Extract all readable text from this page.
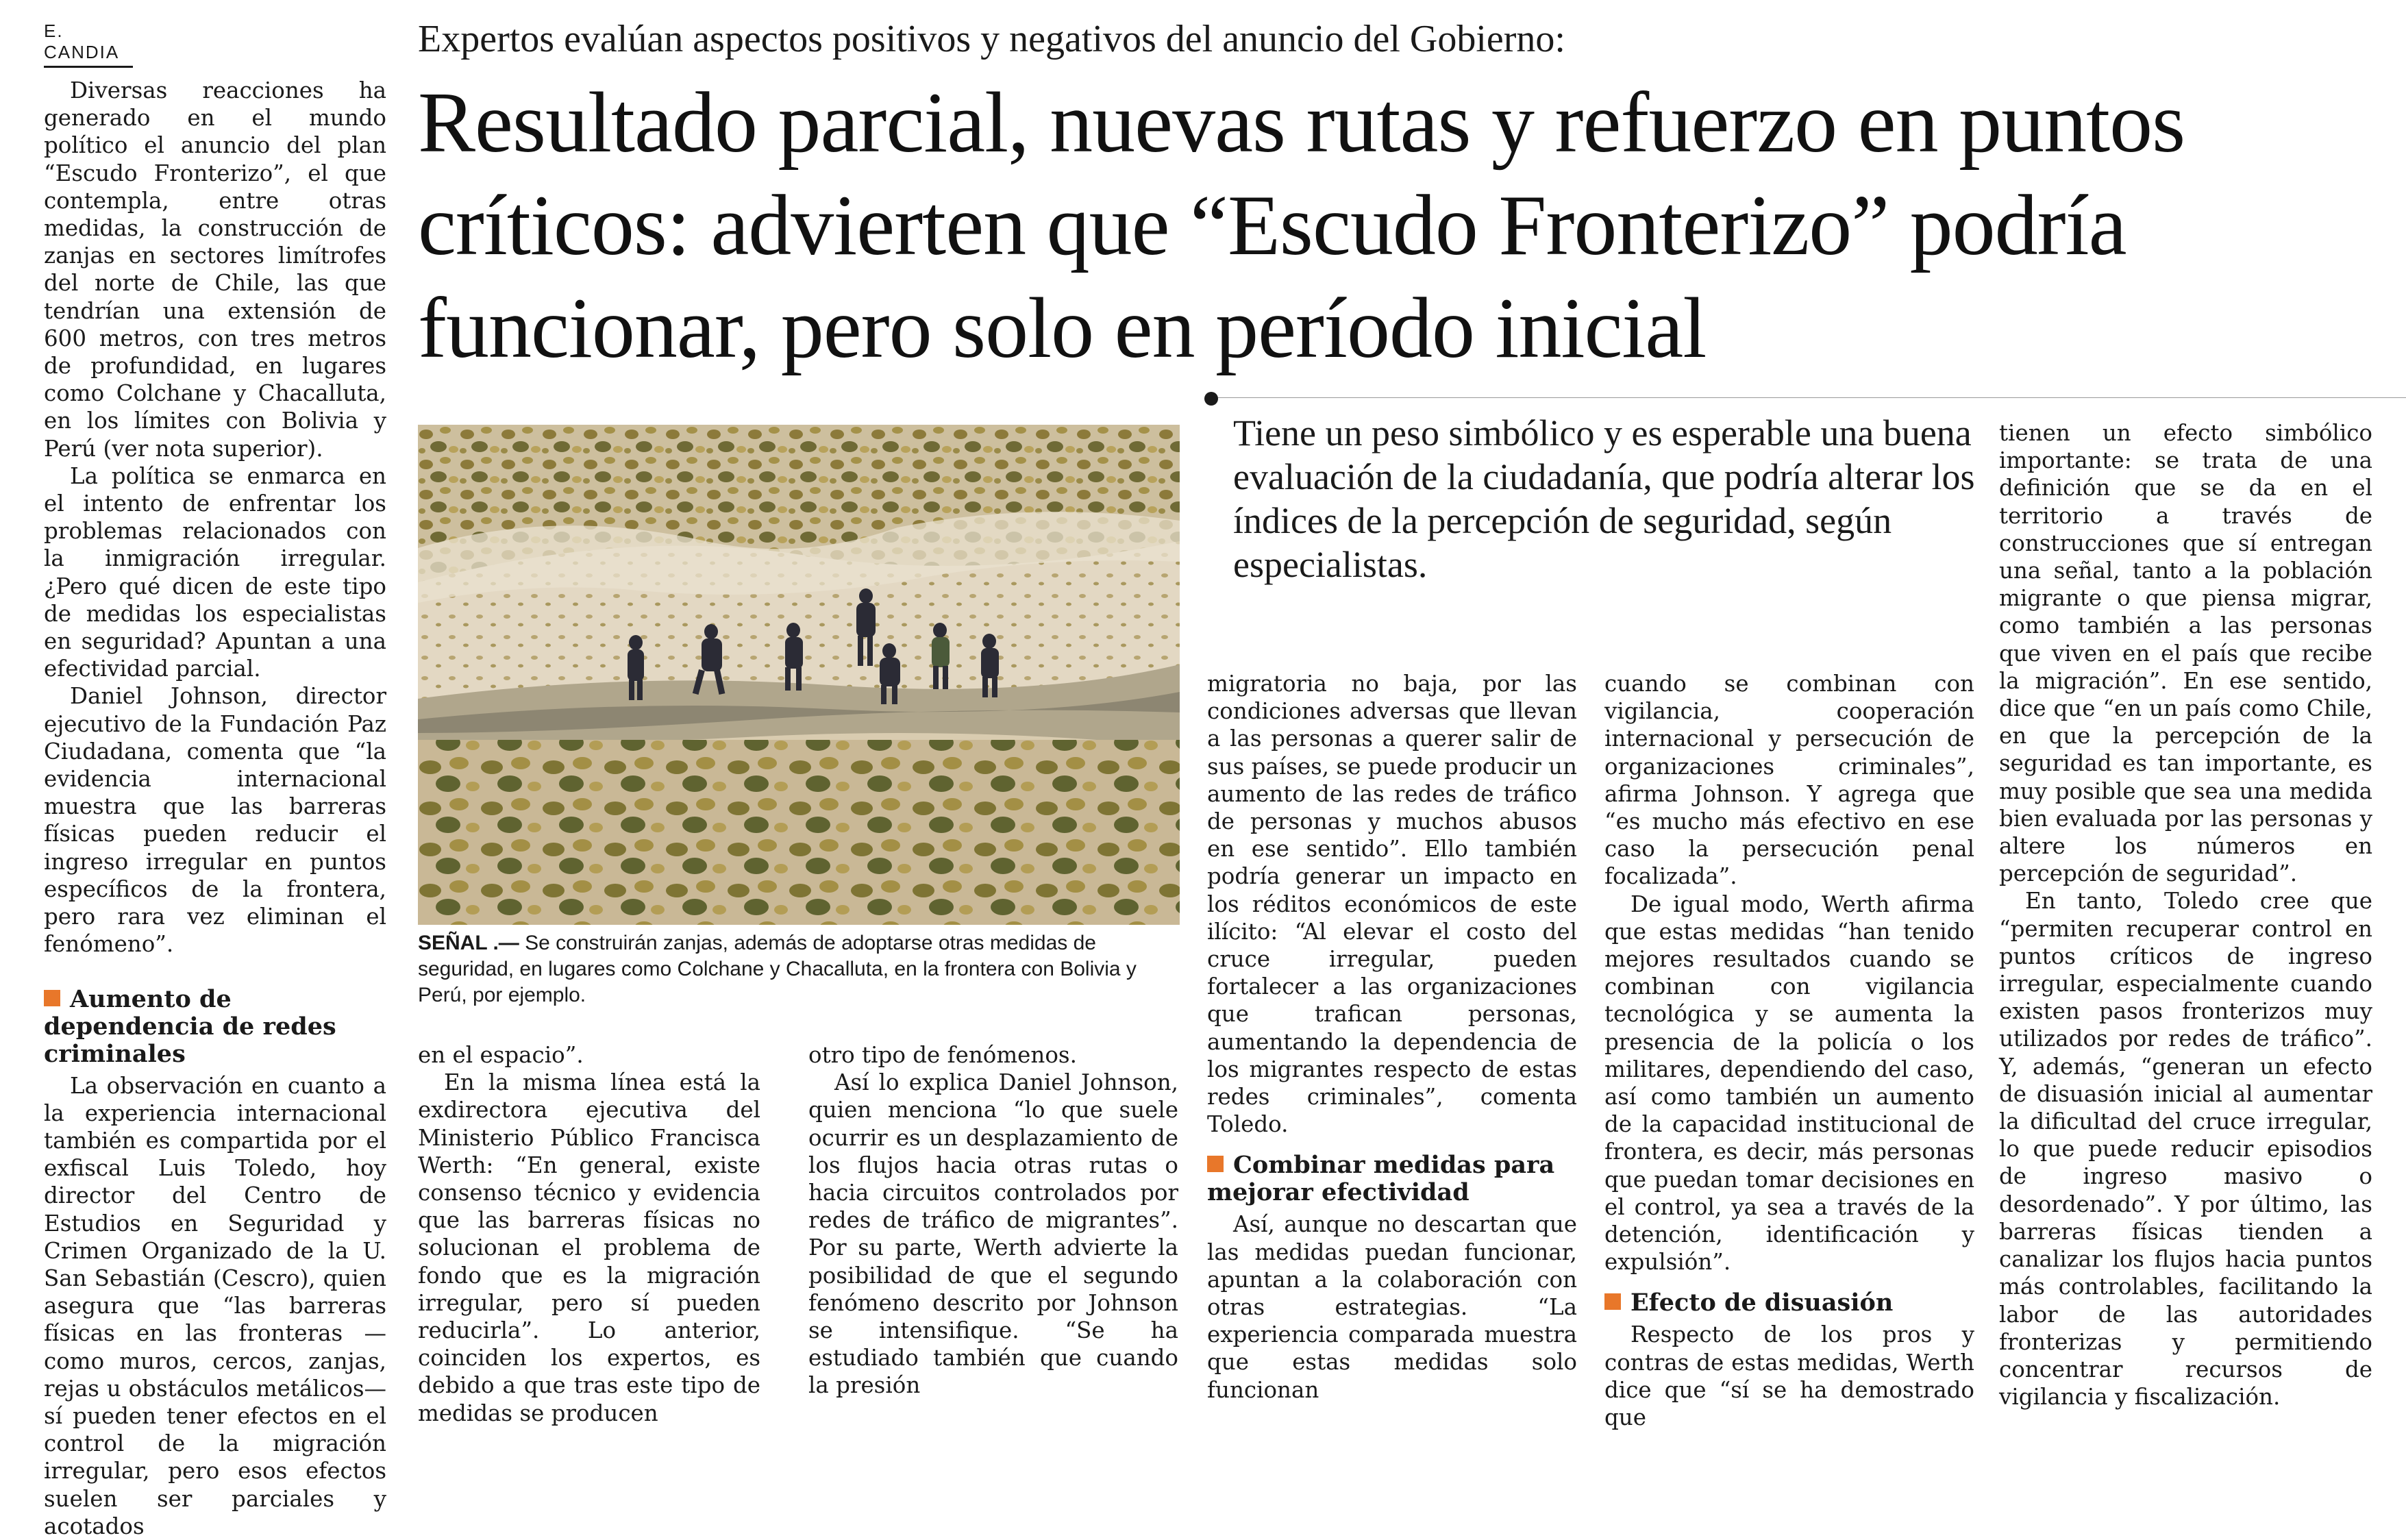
E. CANDIA	Expertos evalúan aspectos positivos y negativos del anuncio del Gobierno:
Resultado parcial, nuevas rutas y refuerzo en puntos críticos: advierten que “Escudo Fronterizo” podría funcionar, pero solo en período inicial

Diversas reacciones ha generado en el mundo político el anuncio del plan “Escudo Fronterizo”, el que contempla, entre otras medidas, la construcción de zanjas en sectores limítrofes del norte de Chile, las que tendrían una extensión de 600 metros, con tres metros de profundidad, en lugares como Colchane y Chacalluta, en los límites con Bolivia y Perú (ver nota superior).

La política se enmarca en el intento de enfrentar los problemas relacionados con la inmigración irregular. ¿Pero qué dicen de este tipo de medidas los especialistas en seguridad? Apuntan a una efectividad parcial.

Daniel Johnson, director ejecutivo de la Fundación Paz Ciudadana, comenta que “la evidencia internacional muestra que las barreras físicas pueden reducir el ingreso irregular en puntos específicos de la frontera, pero rara vez eliminan el fenómeno”.

Aumento de dependencia de redes criminales

La observación en cuanto a la experiencia internacional también es compartida por el exfiscal Luis Toledo, hoy director del Centro de Estudios en Seguridad y Crimen Organizado de la U. San Sebastián (Cescro), quien asegura que “las barreras físicas en las fronteras —como muros, cercos, zanjas, rejas u obstáculos metálicos— sí pueden tener efectos en el control de la migración irregular, pero esos efectos suelen ser parciales y acotados

SEÑAL .— Se construirán zanjas, además de adoptarse otras medidas de seguridad, en lugares como Colchane y Chacalluta, en la frontera con Bolivia y Perú, por ejemplo.
Tiene un peso simbólico y es esperable una buena evaluación de la ciudadanía, que podría alterar los índices de la percepción de seguridad, según especialistas.

en el espacio”.

En la misma línea está la exdirectora ejecutiva del Ministerio Público Francisca Werth: “En general, existe consenso técnico y evidencia que las barreras físicas no solucionan el problema de fondo que es la migración irregular, pero sí pueden reducirla”. Lo anterior, coinciden los expertos, es debido a que tras este tipo de medidas se producen

otro tipo de fenómenos.

Así lo explica Daniel Johnson, quien menciona “lo que suele ocurrir es un desplazamiento de los flujos hacia otras rutas o hacia circuitos controlados por redes de tráfico de migrantes”. Por su parte, Werth advierte la posibilidad de que el segundo fenómeno descrito por Johnson se intensifique. “Se ha estudiado también que cuando la presión

migratoria no baja, por las condiciones adversas que llevan a las personas a querer salir de sus países, se puede producir un aumento de las redes de tráfico de personas y muchos abusos en ese sentido”. Ello también podría generar un impacto en los réditos económicos de este ilícito: “Al elevar el costo del cruce irregular, pueden fortalecer a las organizaciones que trafican personas, aumentando la dependencia de los migrantes respecto de estas redes criminales”, comenta Toledo.

Combinar medidas para mejorar efectividad

Así, aunque no descartan que las medidas puedan funcionar, apuntan a la colaboración con otras estrategias. “La experiencia comparada muestra que estas medidas solo funcionan

cuando se combinan con vigilancia, cooperación internacional y persecución de organizaciones criminales”, afirma Johnson. Y agrega que “es mucho más efectivo en ese caso la persecución penal focalizada”.

De igual modo, Werth afirma que estas medidas “han tenido mejores resultados cuando se combinan con vigilancia tecnológica y se aumenta la presencia de la policía o los militares, dependiendo del caso, así como también un aumento de la capacidad institucional de frontera, es decir, más personas que puedan tomar decisiones en el control, ya sea a través de la detención, identificación y expulsión”.

Efecto de disuasión

Respecto de los pros y contras de estas medidas, Werth dice que “sí se ha demostrado que

tienen un efecto simbólico importante: se trata de una definición que se da en el territorio a través de construcciones que sí entregan una señal, tanto a la población migrante o que piensa migrar, como también a las personas que viven en el país que recibe la migración”. En ese sentido, dice que “en un país como Chile, en que la percepción de la seguridad es tan importante, es muy posible que sea una medida bien evaluada por las personas y altere los números en percepción de seguridad”.

En tanto, Toledo cree que “permiten recuperar control en puntos críticos de ingreso irregular, especialmente cuando existen pasos fronterizos muy utilizados por redes de tráfico”. Y, además, “generan un efecto de disuasión inicial al aumentar la dificultad del cruce irregular, lo que puede reducir episodios de ingreso masivo o desordenado”. Y por último, las barreras físicas tienden a canalizar los flujos hacia puntos más controlables, facilitando la labor de las autoridades fronterizas y permitiendo concentrar recursos de vigilancia y fiscalización.
